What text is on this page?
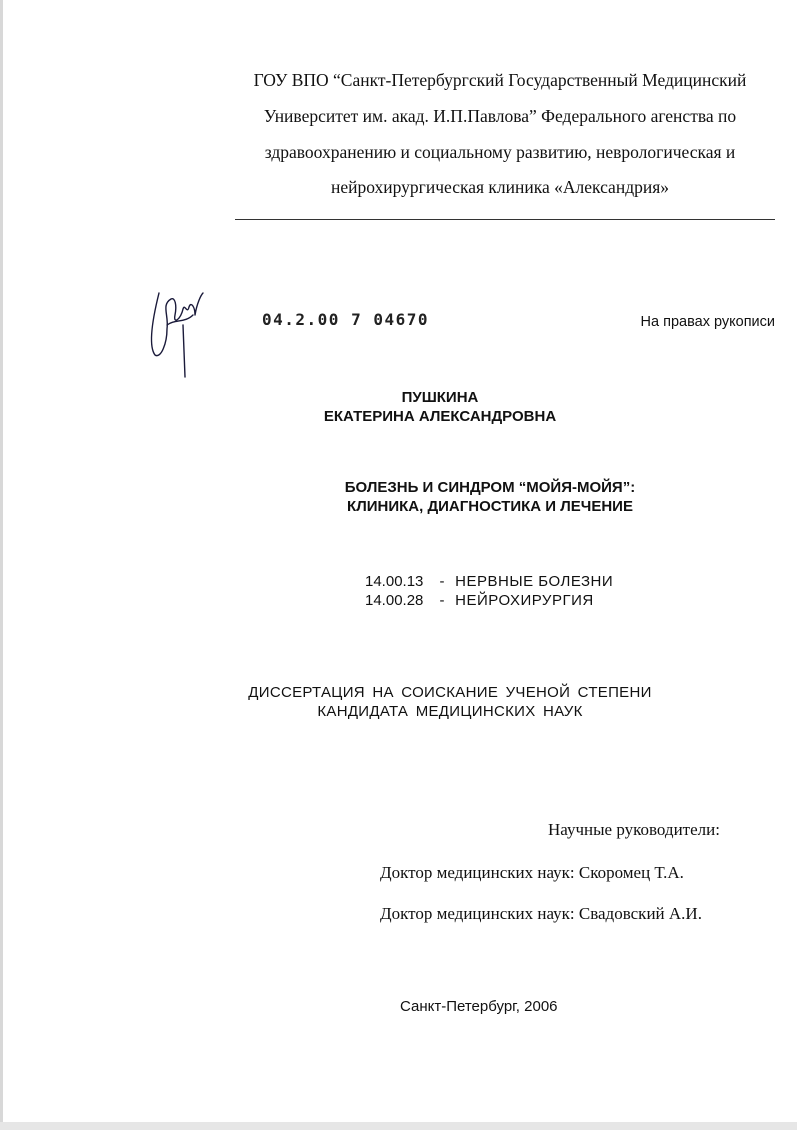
ГОУ ВПО “Санкт-Петербургский Государственный Медицинский
Университет им. акад. И.П.Павлова” Федерального агенства по
здравоохранению и социальному развитию, неврологическая и
нейрохирургическая клиника «Александрия»
04.2.00 7 04670	На правах рукописи
ПУШКИНА
ЕКАТЕРИНА АЛЕКСАНДРОВНА
БОЛЕЗНЬ И СИНДРОМ “МОЙЯ-МОЙЯ”:
КЛИНИКА, ДИАГНОСТИКА И ЛЕЧЕНИЕ
14.00.13 - НЕРВНЫЕ БОЛЕЗНИ
14.00.28 - НЕЙРОХИРУРГИЯ
ДИССЕРТАЦИЯ НА СОИСКАНИЕ УЧЕНОЙ СТЕПЕНИ
КАНДИДАТА МЕДИЦИНСКИХ НАУК
Научные руководители:
Доктор медицинских наук: Скоромец Т.А.
Доктор медицинских наук: Свадовский А.И.
Санкт-Петербург, 2006
